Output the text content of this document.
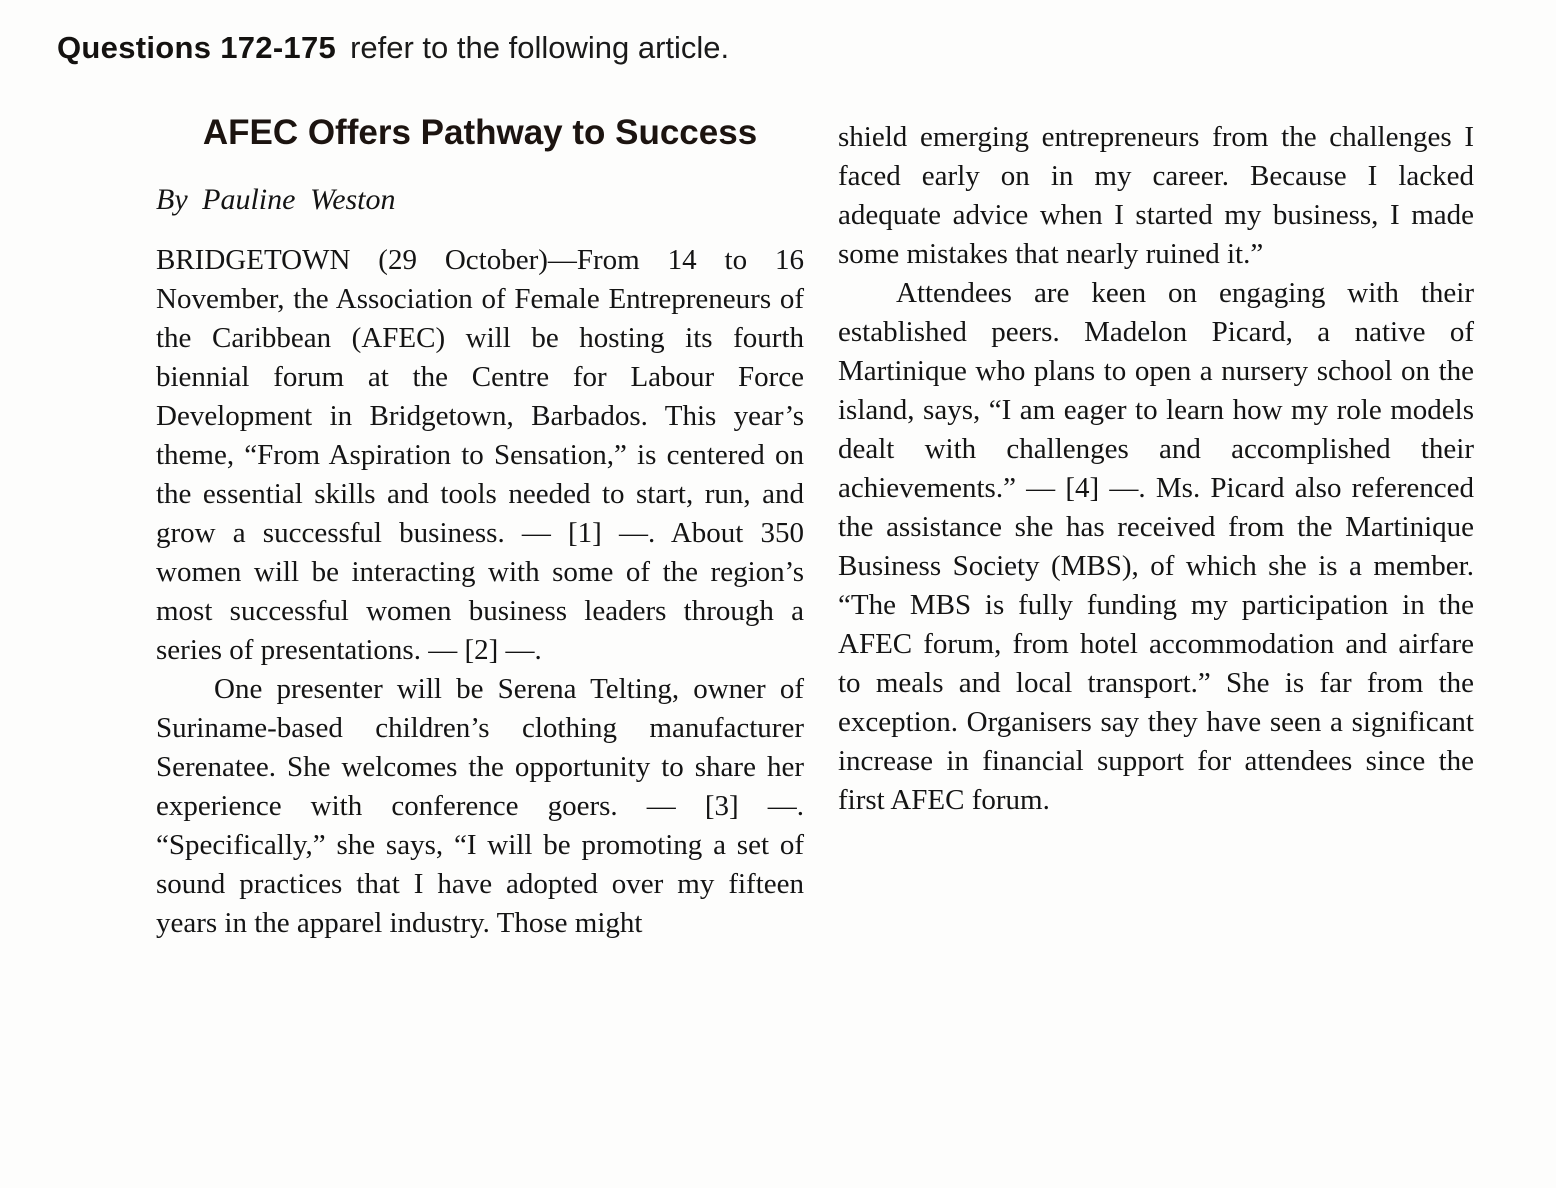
Questions 172-175 refer to the following article.
AFEC Offers Pathway to Success
By Pauline Weston

BRIDGETOWN (29 October)—From 14 to 16 November, the Association of Female Entrepreneurs of the Caribbean (AFEC) will be hosting its fourth biennial forum at the Centre for Labour Force Development in Bridgetown, Barbados. This year’s theme, “From Aspiration to Sensation,” is centered on the essential skills and tools needed to start, run, and grow a successful business. — [1] —. About 350 women will be interacting with some of the region’s most successful women business leaders through a series of presentations. — [2] —.

One presenter will be Serena Telting, owner of Suriname-based children’s clothing manufacturer Serenatee. She welcomes the opportunity to share her experience with conference goers. — [3] —. “Specifically,” she says, “I will be promoting a set of sound practices that I have adopted over my fifteen years in the apparel industry. Those might

shield emerging entrepreneurs from the challenges I faced early on in my career. Because I lacked adequate advice when I started my business, I made some mistakes that nearly ruined it.”

Attendees are keen on engaging with their established peers. Madelon Picard, a native of Martinique who plans to open a nursery school on the island, says, “I am eager to learn how my role models dealt with challenges and accomplished their achievements.” — [4] —. Ms. Picard also referenced the assistance she has received from the Martinique Business Society (MBS), of which she is a member. “The MBS is fully funding my participation in the AFEC forum, from hotel accommodation and airfare to meals and local transport.” She is far from the exception. Organisers say they have seen a significant increase in financial support for attendees since the first AFEC forum.
